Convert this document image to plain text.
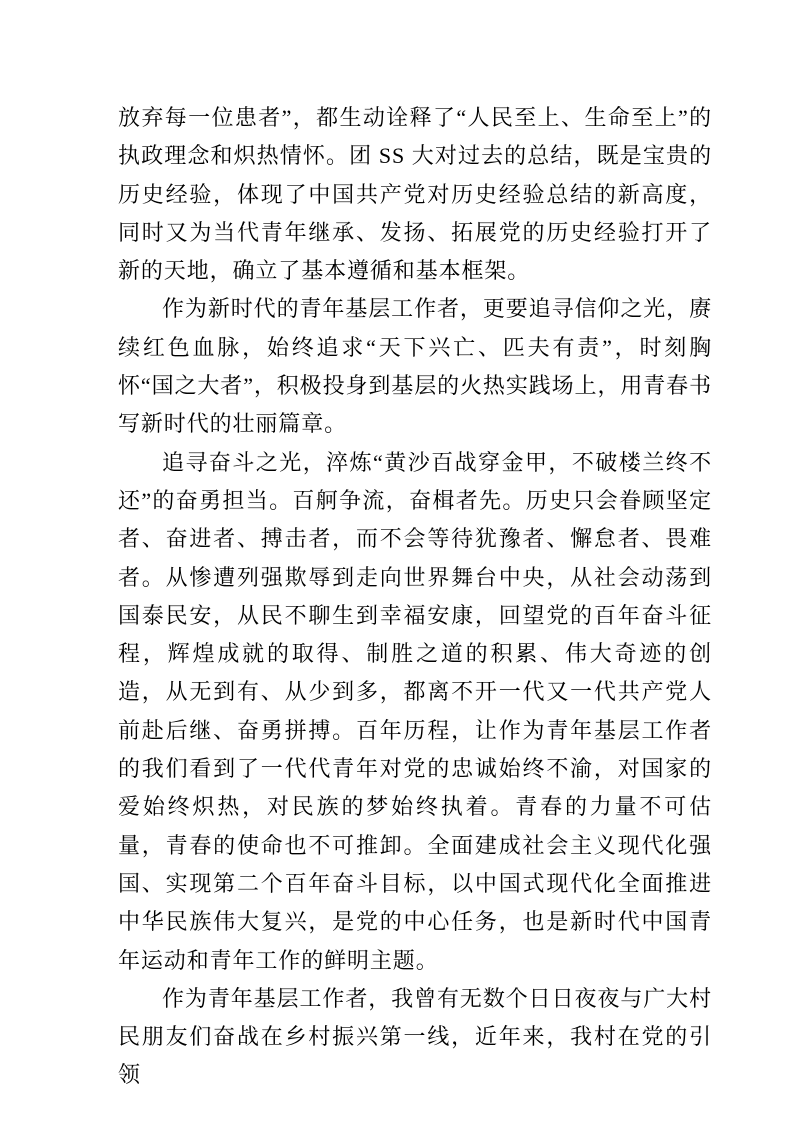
放弃每一位患者”，都生动诠释了“人民至上、生命至上”的执政理念和炽热情怀。团 SS 大对过去的总结，既是宝贵的历史经验，体现了中国共产党对历史经验总结的新高度，同时又为当代青年继承、发扬、拓展党的历史经验打开了新的天地，确立了基本遵循和基本框架。

作为新时代的青年基层工作者，更要追寻信仰之光，赓续红色血脉，始终追求“天下兴亡、匹夫有责”，时刻胸怀“国之大者”，积极投身到基层的火热实践场上，用青春书写新时代的壮丽篇章。

追寻奋斗之光，淬炼“黄沙百战穿金甲，不破楼兰终不还”的奋勇担当。百舸争流，奋楫者先。历史只会眷顾坚定者、奋进者、搏击者，而不会等待犹豫者、懈怠者、畏难者。从惨遭列强欺辱到走向世界舞台中央，从社会动荡到国泰民安，从民不聊生到幸福安康，回望党的百年奋斗征程，辉煌成就的取得、制胜之道的积累、伟大奇迹的创造，从无到有、从少到多，都离不开一代又一代共产党人前赴后继、奋勇拼搏。百年历程，让作为青年基层工作者的我们看到了一代代青年对党的忠诚始终不渝，对国家的爱始终炽热，对民族的梦始终执着。青春的力量不可估量，青春的使命也不可推卸。全面建成社会主义现代化强国、实现第二个百年奋斗目标，以中国式现代化全面推进中华民族伟大复兴，是党的中心任务，也是新时代中国青年运动和青年工作的鲜明主题。

作为青年基层工作者，我曾有无数个日日夜夜与广大村民朋友们奋战在乡村振兴第一线，近年来，我村在党的引领
